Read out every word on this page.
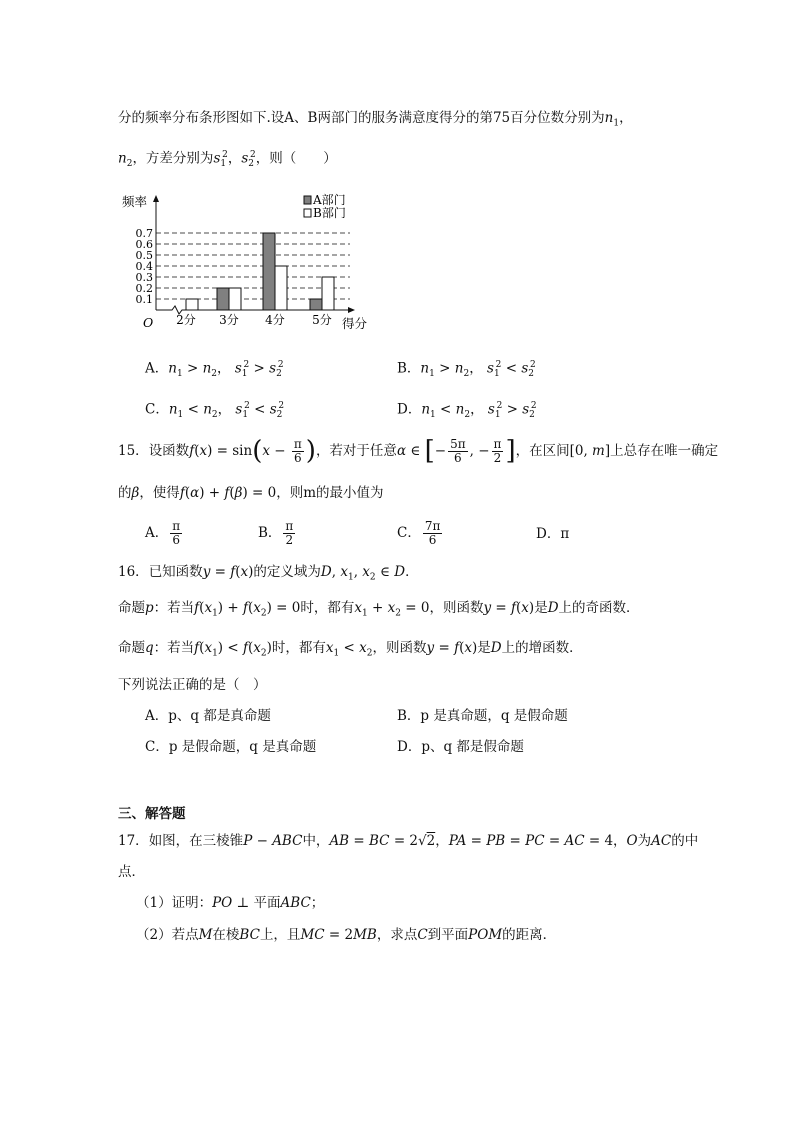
分的频率分布条形图如下.设A、B两部门的服务满意度得分的第75百分位数分别为$n_1$，
$n_2$，方差分别为$s_1^2$，$s_2^2$，则（　　）
0.1
0.2
0.3
0.4
0.5
0.6
0.7
频率
O	得分
2分 3分 4分 5分
A部门
B部门
A．$n_1 > n_2$， $s_1^2 > s_2^2$	B．$n_1 > n_2$， $s_1^2 < s_2^2$
C．$n_1 < n_2$， $s_1^2 < s_2^2$	D．$n_1 < n_2$， $s_1^2 > s_2^2$
15．设函数$f(x) = \sin(x - \frac{\pi}{6}$ )，若对于任意α ∈ [− $\frac{5\pi}{6}$ , − $\frac{\pi}{2}$ ]，在区间[0, m]上总存在唯一确定
的β，使得f(α) + f(β) = 0，则m的最小值为
A． $\frac{\pi}{6}$	B． $\frac{\pi}{2}$	C． $\frac{7\pi}{6}$	D．π
16．已知函数y = f(x)的定义域为D, $x_1$, $x_2$ ∈ D．
命题p：若当$f(x_1) + f(x_2) = 0$时，都有$x_1 + x_2 = 0$，则函数y = f(x)是D上的奇函数．
命题q：若当$f(x_1) < f(x_2)$时，都有$x_1 < x_2$，则函数y = f(x)是D上的增函数．
下列说法正确的是（　）
A．p、q 都是真命题	B．p 是真命题，q 是假命题
C．p 是假命题，q 是真命题	D．p、q 都是假命题
三、解答题
17．如图，在三棱锥P − ABC中，AB = BC = 2√2，PA = PB = PC = AC = 4，O为AC的中
点．
（1）证明：PO ⊥ 平面ABC；
（2）若点M在棱BC上，且MC = 2MB，求点C到平面POM的距离．
